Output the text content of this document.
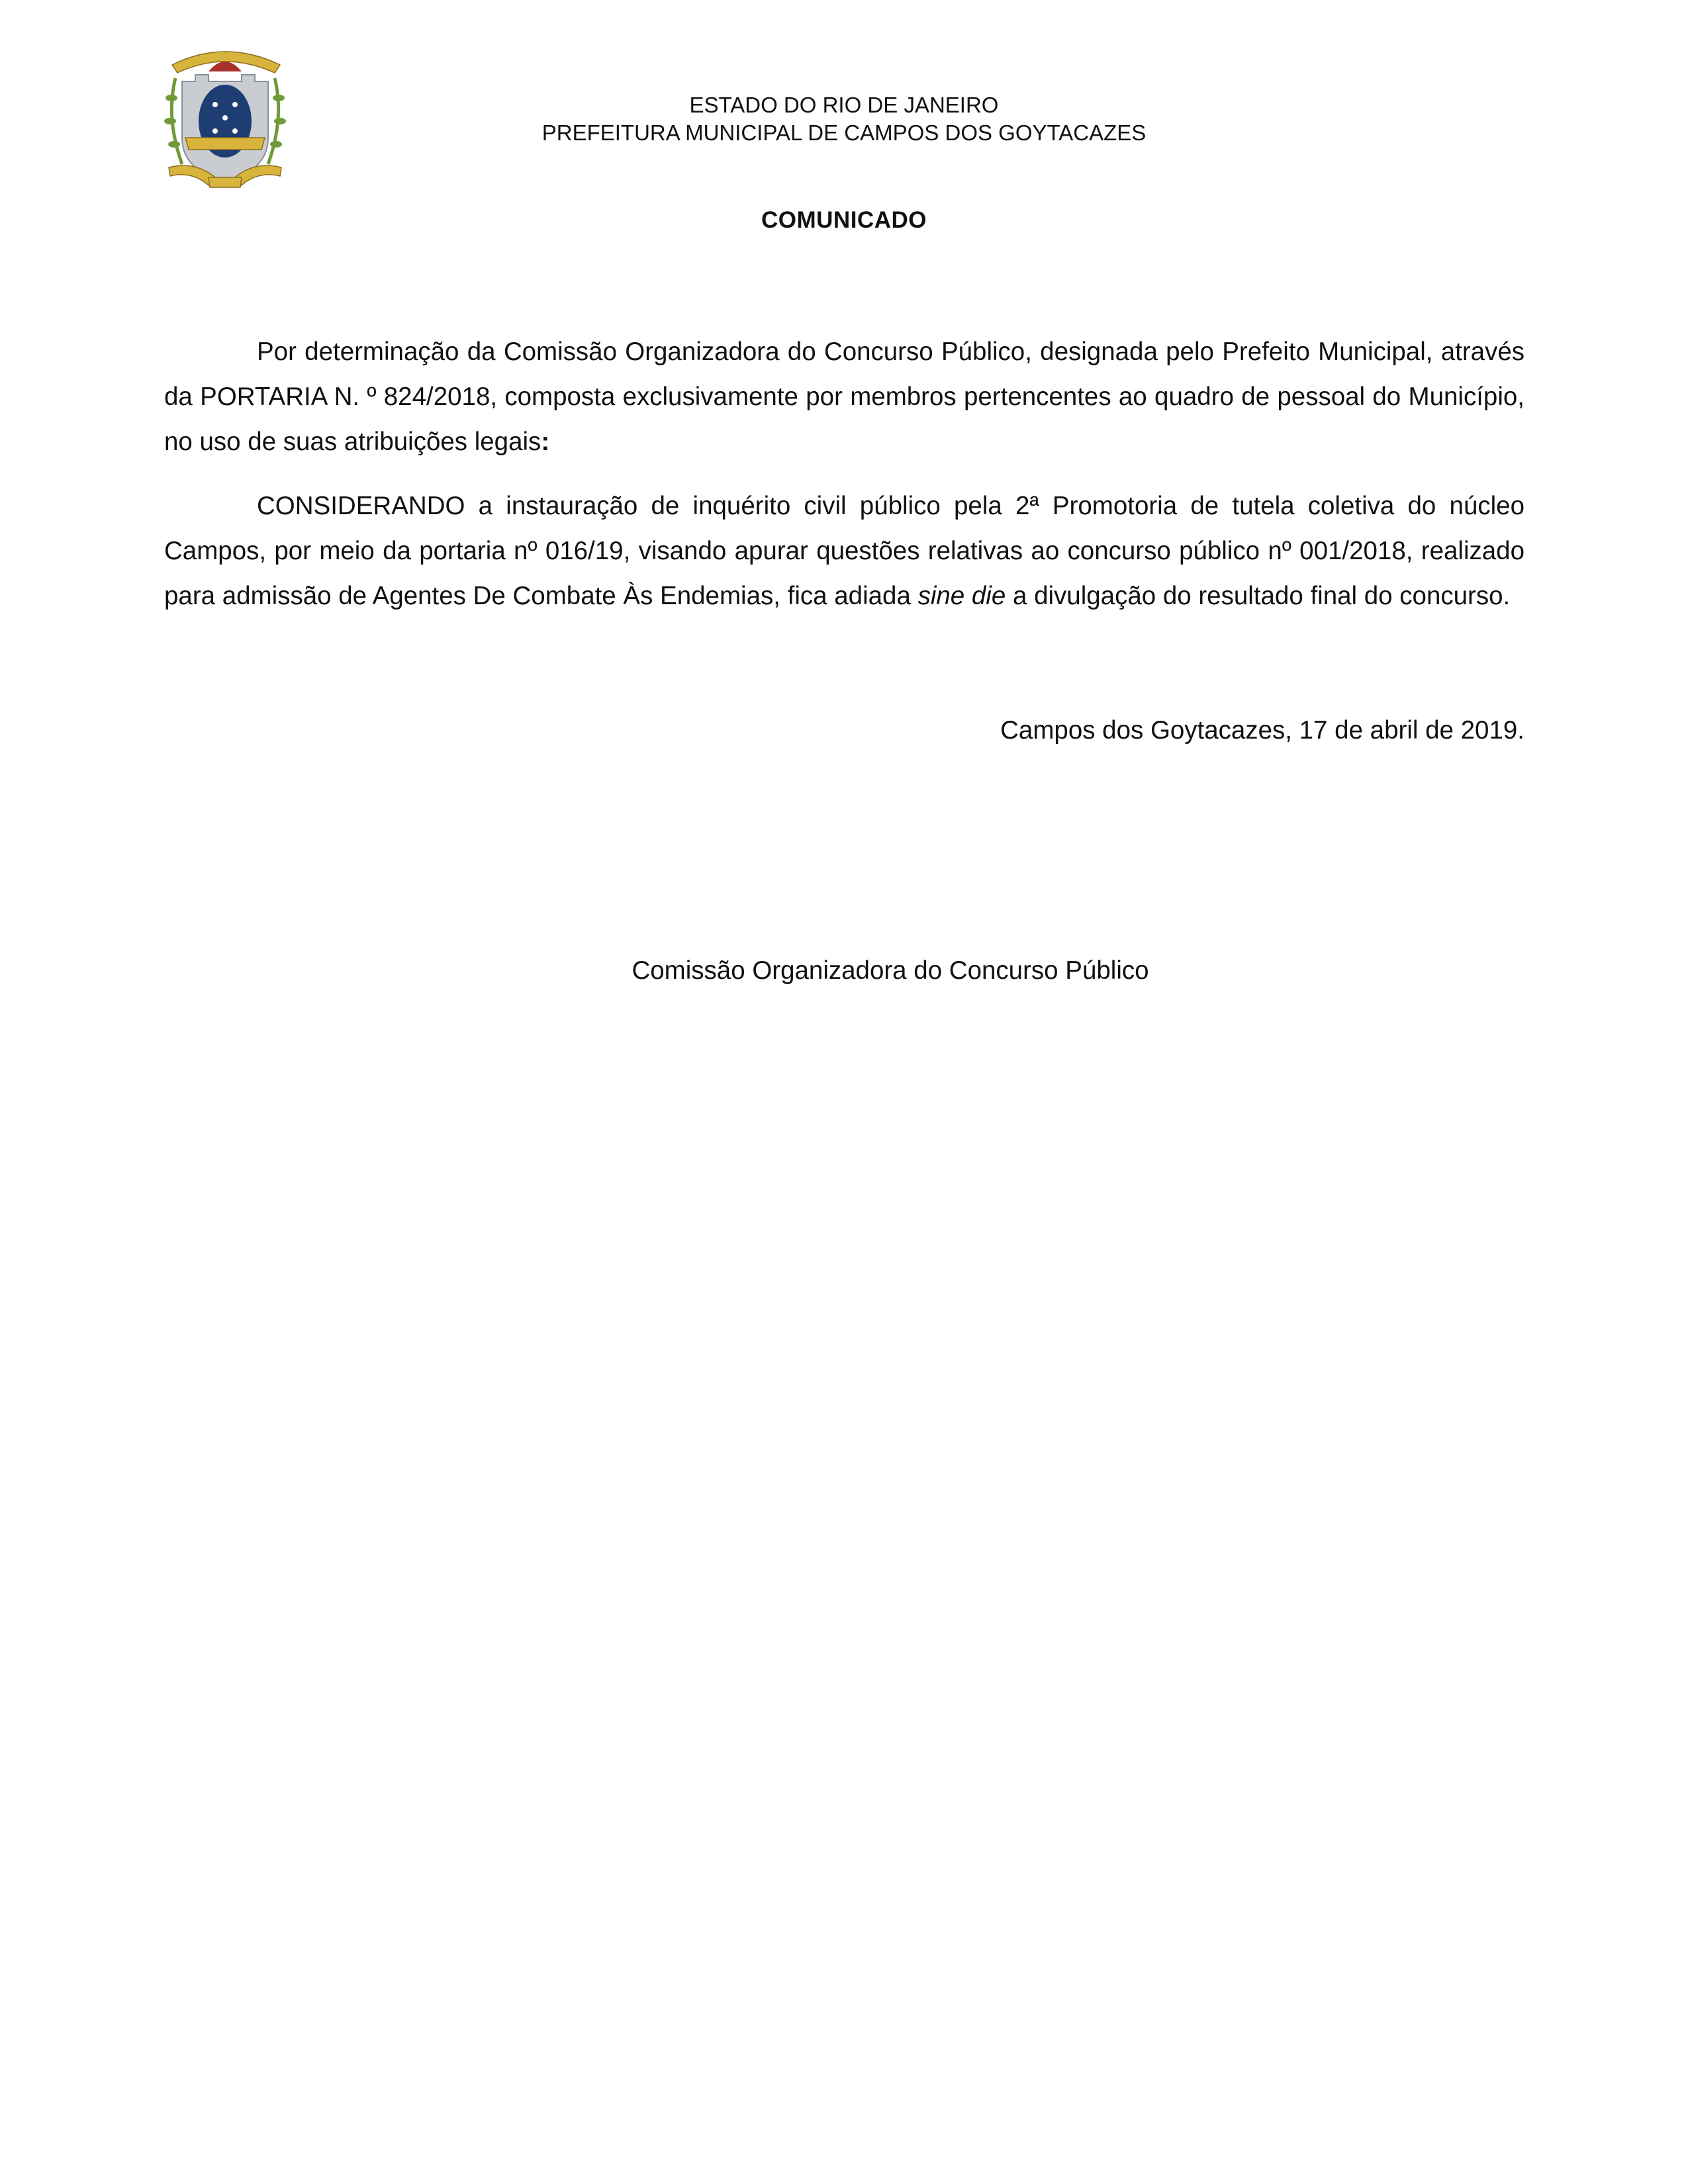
ESTADO DO RIO DE JANEIRO
PREFEITURA MUNICIPAL DE CAMPOS DOS GOYTACAZES
COMUNICADO

Por determinação da Comissão Organizadora do Concurso Público, designada pelo Prefeito Municipal, através da PORTARIA N. º 824/2018, composta exclusivamente por membros pertencentes ao quadro de pessoal do Município, no uso de suas atribuições legais:

CONSIDERANDO a instauração de inquérito civil público pela 2ª Promotoria de tutela coletiva do núcleo Campos, por meio da portaria nº 016/19, visando apurar questões relativas ao concurso público nº 001/2018, realizado para admissão de Agentes De Combate Às Endemias, fica adiada sine die a divulgação do resultado final do concurso.

Campos dos Goytacazes, 17 de abril de 2019.
Comissão Organizadora do Concurso Público
